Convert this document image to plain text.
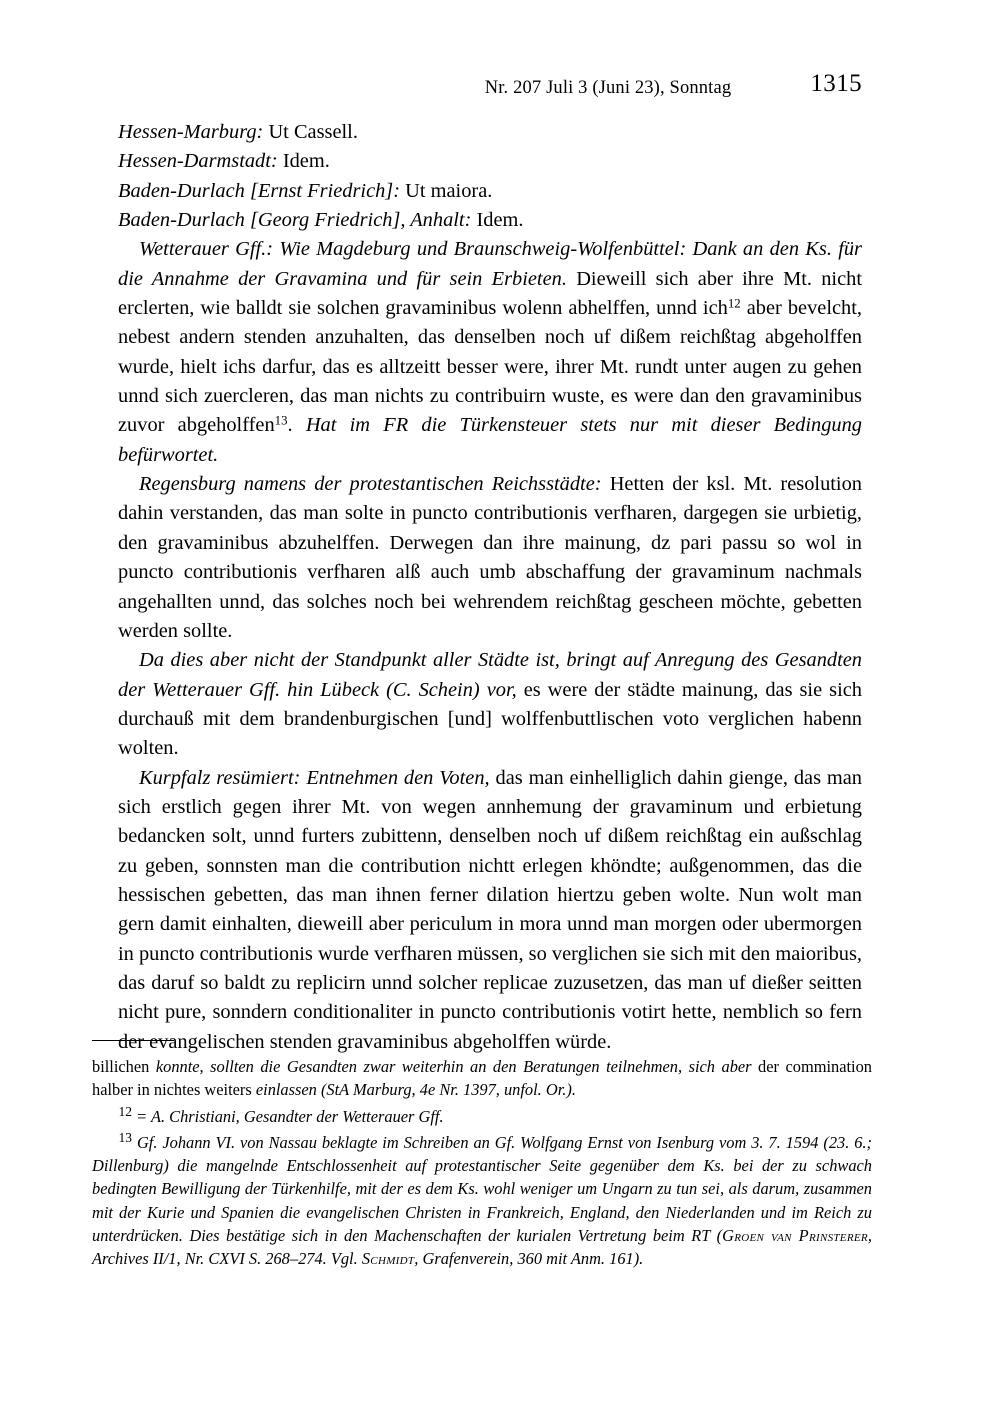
Nr. 207 Juli 3 (Juni 23), Sonntag	1315

Hessen-Marburg: Ut Cassell.

Hessen-Darmstadt: Idem.

Baden-Durlach [Ernst Friedrich]: Ut maiora.

Baden-Durlach [Georg Friedrich], Anhalt: Idem.

Wetterauer Gff.: Wie Magdeburg und Braunschweig-Wolfenbüttel: Dank an den Ks. für die Annahme der Gravamina und für sein Erbieten. Dieweill sich aber ihre Mt. nicht erclerten, wie balldt sie solchen gravaminibus wolenn abhelffen, unnd ich$^{12}$ aber bevelcht, nebest andern stenden anzuhalten, das denselben noch uf dißem reichßtag abgeholffen wurde, hielt ichs darfur, das es alltzeitt besser were, ihrer Mt. rundt unter augen zu gehen unnd sich zuercleren, das man nichts zu contribuirn wuste, es were dan den gravaminibus zuvor abgeholffen$^{13}$. Hat im FR die Türkensteuer stets nur mit dieser Bedingung befürwortet.

Regensburg namens der protestantischen Reichsstädte: Hetten der ksl. Mt. resolution dahin verstanden, das man solte in puncto contributionis verfharen, dargegen sie urbietig, den gravaminibus abzuhelffen. Derwegen dan ihre mainung, dz pari passu so wol in puncto contributionis verfharen alß auch umb abschaffung der gravaminum nachmals angehallten unnd, das solches noch bei wehrendem reichßtag gescheen möchte, gebetten werden sollte.

Da dies aber nicht der Standpunkt aller Städte ist, bringt auf Anregung des Gesandten der Wetterauer Gff. hin Lübeck (C. Schein) vor, es were der städte mainung, das sie sich durchauß mit dem brandenburgischen [und] wolffenbuttlischen voto verglichen habenn wolten.

Kurpfalz resümiert: Entnehmen den Voten, das man einhelliglich dahin gienge, das man sich erstlich gegen ihrer Mt. von wegen annhemung der gravaminum und erbietung bedancken solt, unnd furters zubittenn, denselben noch uf dißem reichßtag ein außschlag zu geben, sonnsten man die contribution nichtt erlegen khöndte; außgenommen, das die hessischen gebetten, das man ihnen ferner dilation hiertzu geben wolte. Nun wolt man gern damit einhalten, dieweill aber periculum in mora unnd man morgen oder ubermorgen in puncto contributionis wurde verfharen müssen, so verglichen sie sich mit den maioribus, das daruf so baldt zu replicirn unnd solcher replicae zuzusetzen, das man uf dießer seitten nicht pure, sonndern conditionaliter in puncto contributionis votirt hette, nemblich so fern der evangelischen stenden gravaminibus abgeholffen würde.

billichen konnte, sollten die Gesandten zwar weiterhin an den Beratungen teilnehmen, sich aber der commination halber in nichtes weiters einlassen (StA Marburg, 4e Nr. 1397, unfol. Or.).

$^{12}$ = A. Christiani, Gesandter der Wetterauer Gff.

$^{13}$ Gf. Johann VI. von Nassau beklagte im Schreiben an Gf. Wolfgang Ernst von Isenburg vom 3. 7. 1594 (23. 6.; Dillenburg) die mangelnde Entschlossenheit auf protestantischer Seite gegenüber dem Ks. bei der zu schwach bedingten Bewilligung der Türkenhilfe, mit der es dem Ks. wohl weniger um Ungarn zu tun sei, als darum, zusammen mit der Kurie und Spanien die evangelischen Christen in Frankreich, England, den Niederlanden und im Reich zu unterdrücken. Dies bestätige sich in den Machenschaften der kurialen Vertretung beim RT (Groen van Prinsterer, Archives II/1, Nr. CXVI S. 268–274. Vgl. Schmidt, Grafenverein, 360 mit Anm. 161).
